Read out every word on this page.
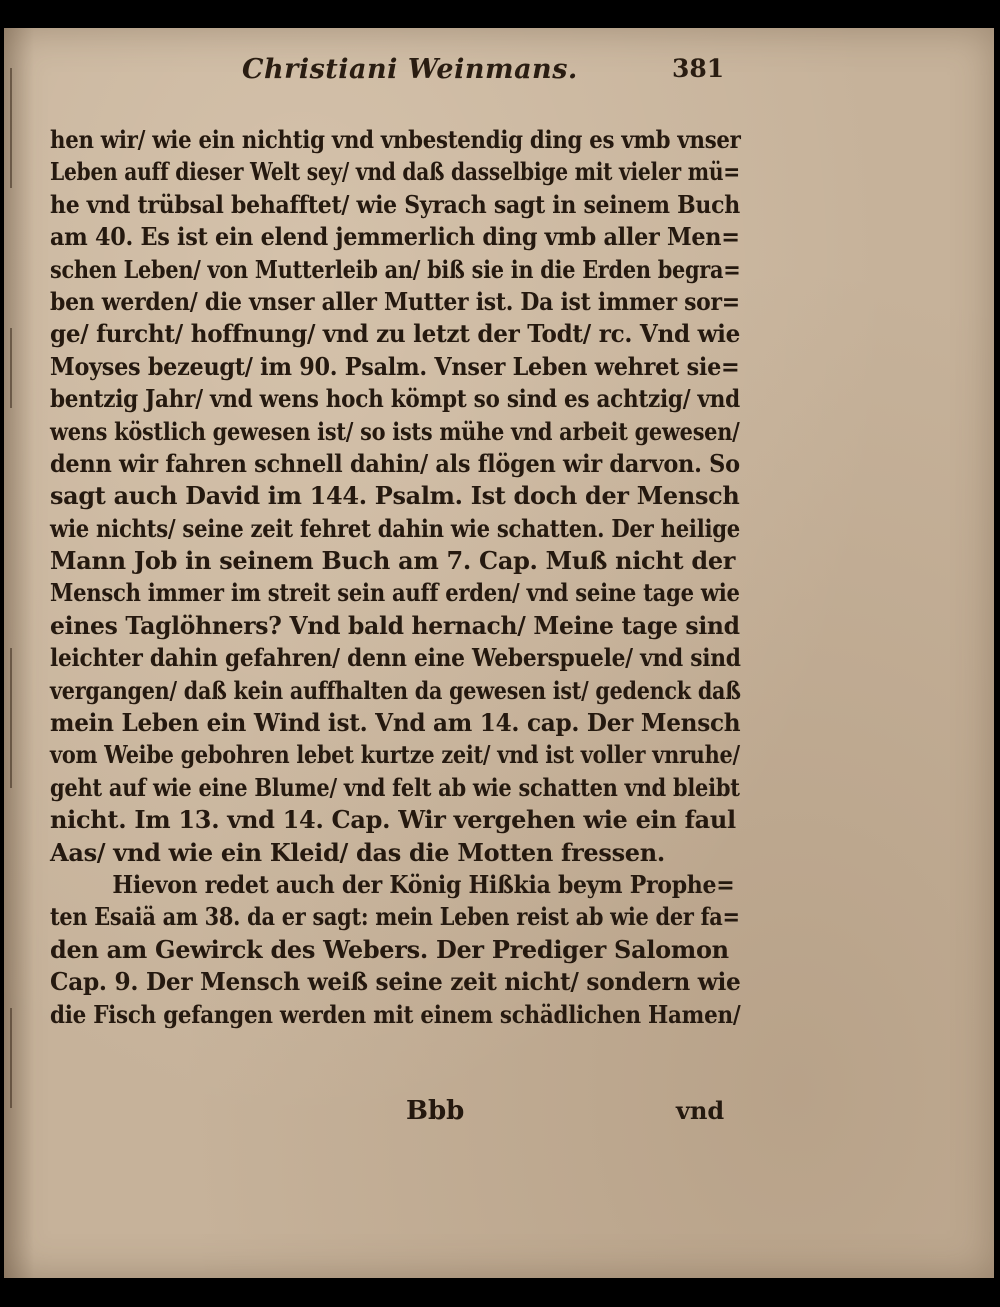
Christiani Weinmans.	381
hen wir/ wie ein nichtig vnd vnbestendig ding es vmb vnser
Leben auff dieser Welt sey/ vnd daß dasselbige mit vieler mü=
he vnd trübsal behafftet/ wie Syrach sagt in seinem Buch
am 40. Es ist ein elend jemmerlich ding vmb aller Men=
schen Leben/ von Mutterleib an/ biß sie in die Erden begra=
ben werden/ die vnser aller Mutter ist. Da ist immer sor=
ge/ furcht/ hoffnung/ vnd zu letzt der Todt/ rc. Vnd wie
Moyses bezeugt/ im 90. Psalm. Vnser Leben wehret sie=
bentzig Jahr/ vnd wens hoch kömpt so sind es achtzig/ vnd
wens köstlich gewesen ist/ so ists mühe vnd arbeit gewesen/
denn wir fahren schnell dahin/ als flögen wir darvon. So
sagt auch David im 144. Psalm. Ist doch der Mensch
wie nichts/ seine zeit fehret dahin wie schatten. Der heilige
Mann Job in seinem Buch am 7. Cap. Muß nicht der
Mensch immer im streit sein auff erden/ vnd seine tage wie
eines Taglöhners? Vnd bald hernach/ Meine tage sind
leichter dahin gefahren/ denn eine Weberspuele/ vnd sind
vergangen/ daß kein auffhalten da gewesen ist/ gedenck daß
mein Leben ein Wind ist. Vnd am 14. cap. Der Mensch
vom Weibe gebohren lebet kurtze zeit/ vnd ist voller vnruhe/
geht auf wie eine Blume/ vnd felt ab wie schatten vnd bleibt
nicht. Im 13. vnd 14. Cap. Wir vergehen wie ein faul
Aas/ vnd wie ein Kleid/ das die Motten fressen.
Hievon redet auch der König Hißkia beym Prophe=
ten Esaiä am 38. da er sagt: mein Leben reist ab wie der fa=
den am Gewirck des Webers. Der Prediger Salomon
Cap. 9. Der Mensch weiß seine zeit nicht/ sondern wie
die Fisch gefangen werden mit einem schädlichen Hamen/
Bbb	vnd
